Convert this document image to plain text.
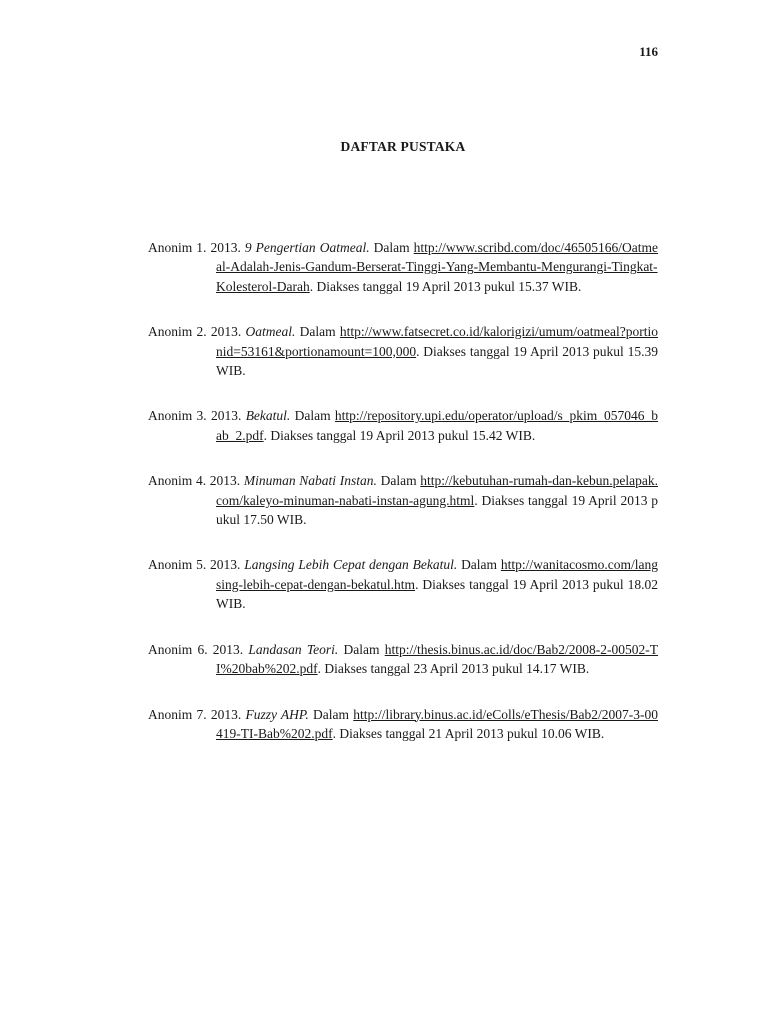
116
DAFTAR PUSTAKA
Anonim 1. 2013. 9 Pengertian Oatmeal. Dalam http://www.scribd.com/doc/46505166/Oatmeal-Adalah-Jenis-Gandum-Berserat-Tinggi-Yang-Membantu-Mengurangi-Tingkat-Kolesterol-Darah. Diakses tanggal 19 April 2013 pukul 15.37 WIB.
Anonim 2. 2013. Oatmeal. Dalam http://www.fatsecret.co.id/kalorigizi/umum/oatmeal?portionid=53161&portionamount=100,000. Diakses tanggal 19 April 2013 pukul 15.39 WIB.
Anonim 3. 2013. Bekatul. Dalam http://repository.upi.edu/operator/upload/s_pkim_057046_bab_2.pdf. Diakses tanggal 19 April 2013 pukul 15.42 WIB.
Anonim 4. 2013. Minuman Nabati Instan. Dalam http://kebutuhan-rumah-dan-kebun.pelapak.com/kaleyo-minuman-nabati-instan-agung.html. Diakses tanggal 19 April 2013 pukul 17.50 WIB.
Anonim 5. 2013. Langsing Lebih Cepat dengan Bekatul. Dalam http://wanitacosmo.com/langsing-lebih-cepat-dengan-bekatul.htm. Diakses tanggal 19 April 2013 pukul 18.02 WIB.
Anonim 6. 2013. Landasan Teori. Dalam http://thesis.binus.ac.id/doc/Bab2/2008-2-00502-TI%20bab%202.pdf. Diakses tanggal 23 April 2013 pukul 14.17 WIB.
Anonim 7. 2013. Fuzzy AHP. Dalam http://library.binus.ac.id/eColls/eThesis/Bab2/2007-3-00419-TI-Bab%202.pdf. Diakses tanggal 21 April 2013 pukul 10.06 WIB.
